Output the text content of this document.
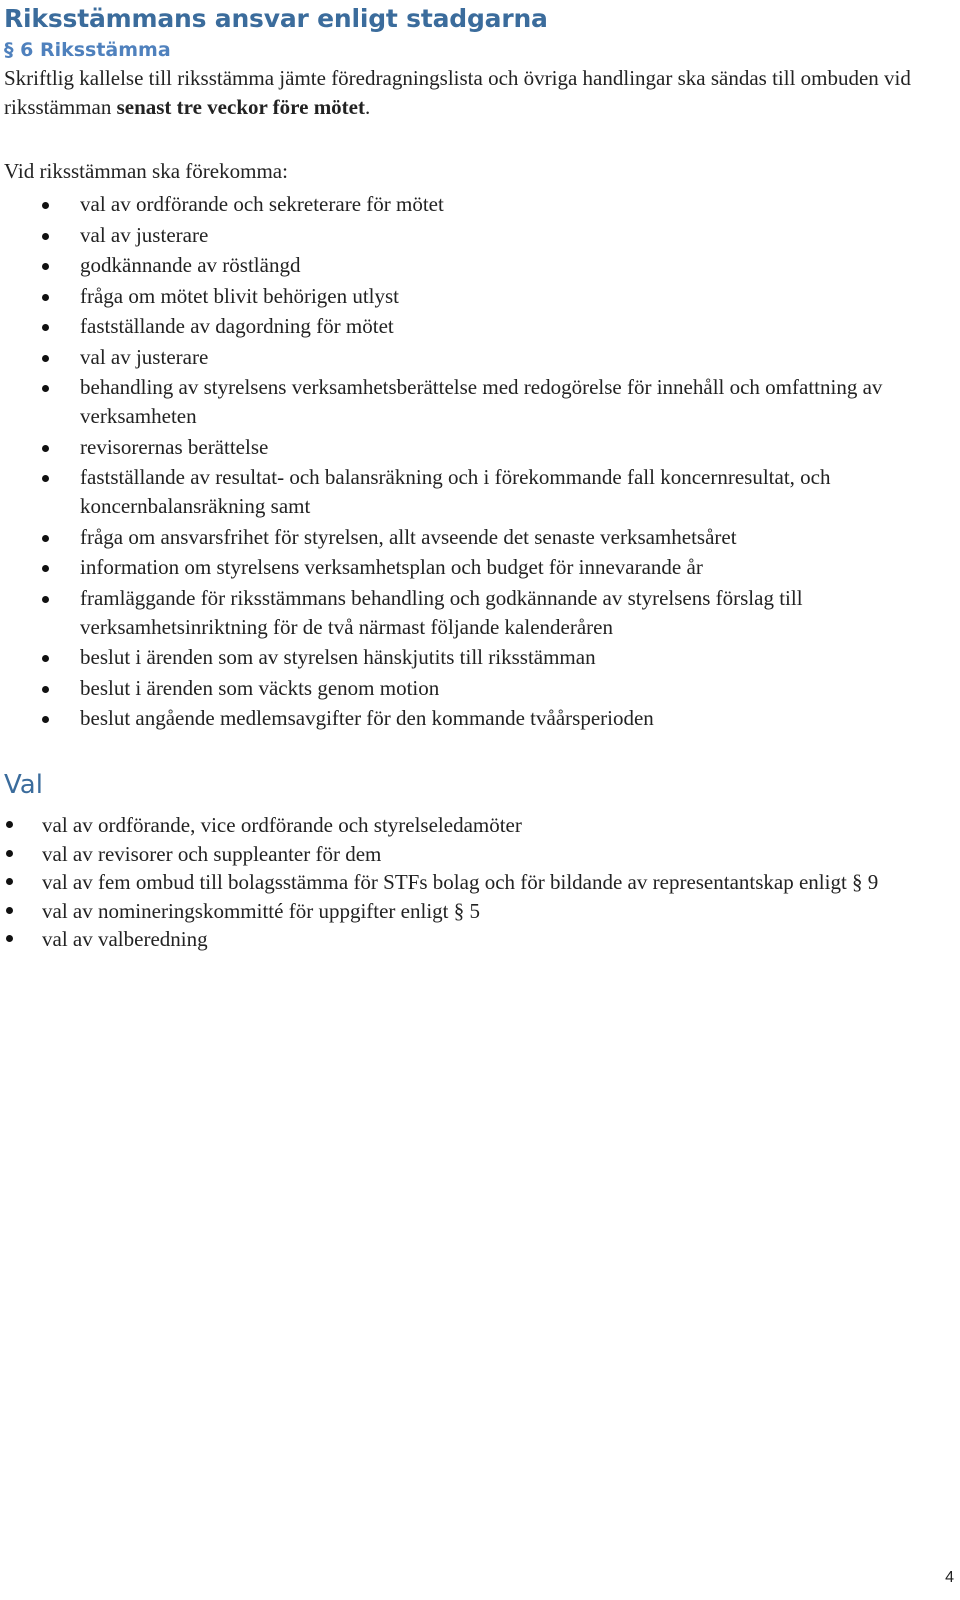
Riksstämmans ansvar enligt stadgarna
§ 6 Riksstämma

Skriftlig kallelse till riksstämma jämte föredragningslista och övriga handlingar ska sändas till ombuden vid riksstämman senast tre veckor före mötet.

Vid riksstämman ska förekomma:

val av ordförande och sekreterare för mötet
val av justerare
godkännande av röstlängd
fråga om mötet blivit behörigen utlyst
fastställande av dagordning för mötet
val av justerare
behandling av styrelsens verksamhetsberättelse med redogörelse för innehåll och omfattning av verksamheten
revisorernas berättelse
fastställande av resultat- och balansräkning och i förekommande fall koncernresultat, och koncernbalansräkning samt
fråga om ansvarsfrihet för styrelsen, allt avseende det senaste verksamhetsåret
information om styrelsens verksamhetsplan och budget för innevarande år
framläggande för riksstämmans behandling och godkännande av styrelsens förslag till verksamhetsinriktning för de två närmast följande kalenderåren
beslut i ärenden som av styrelsen hänskjutits till riksstämman
beslut i ärenden som väckts genom motion
beslut angående medlemsavgifter för den kommande tvåårsperioden
Val
val av ordförande, vice ordförande och styrelseledamöter
val av revisorer och suppleanter för dem
val av fem ombud till bolagsstämma för STFs bolag och för bildande av representantskap enligt § 9
val av nomineringskommitté för uppgifter enligt § 5
val av valberedning
4
